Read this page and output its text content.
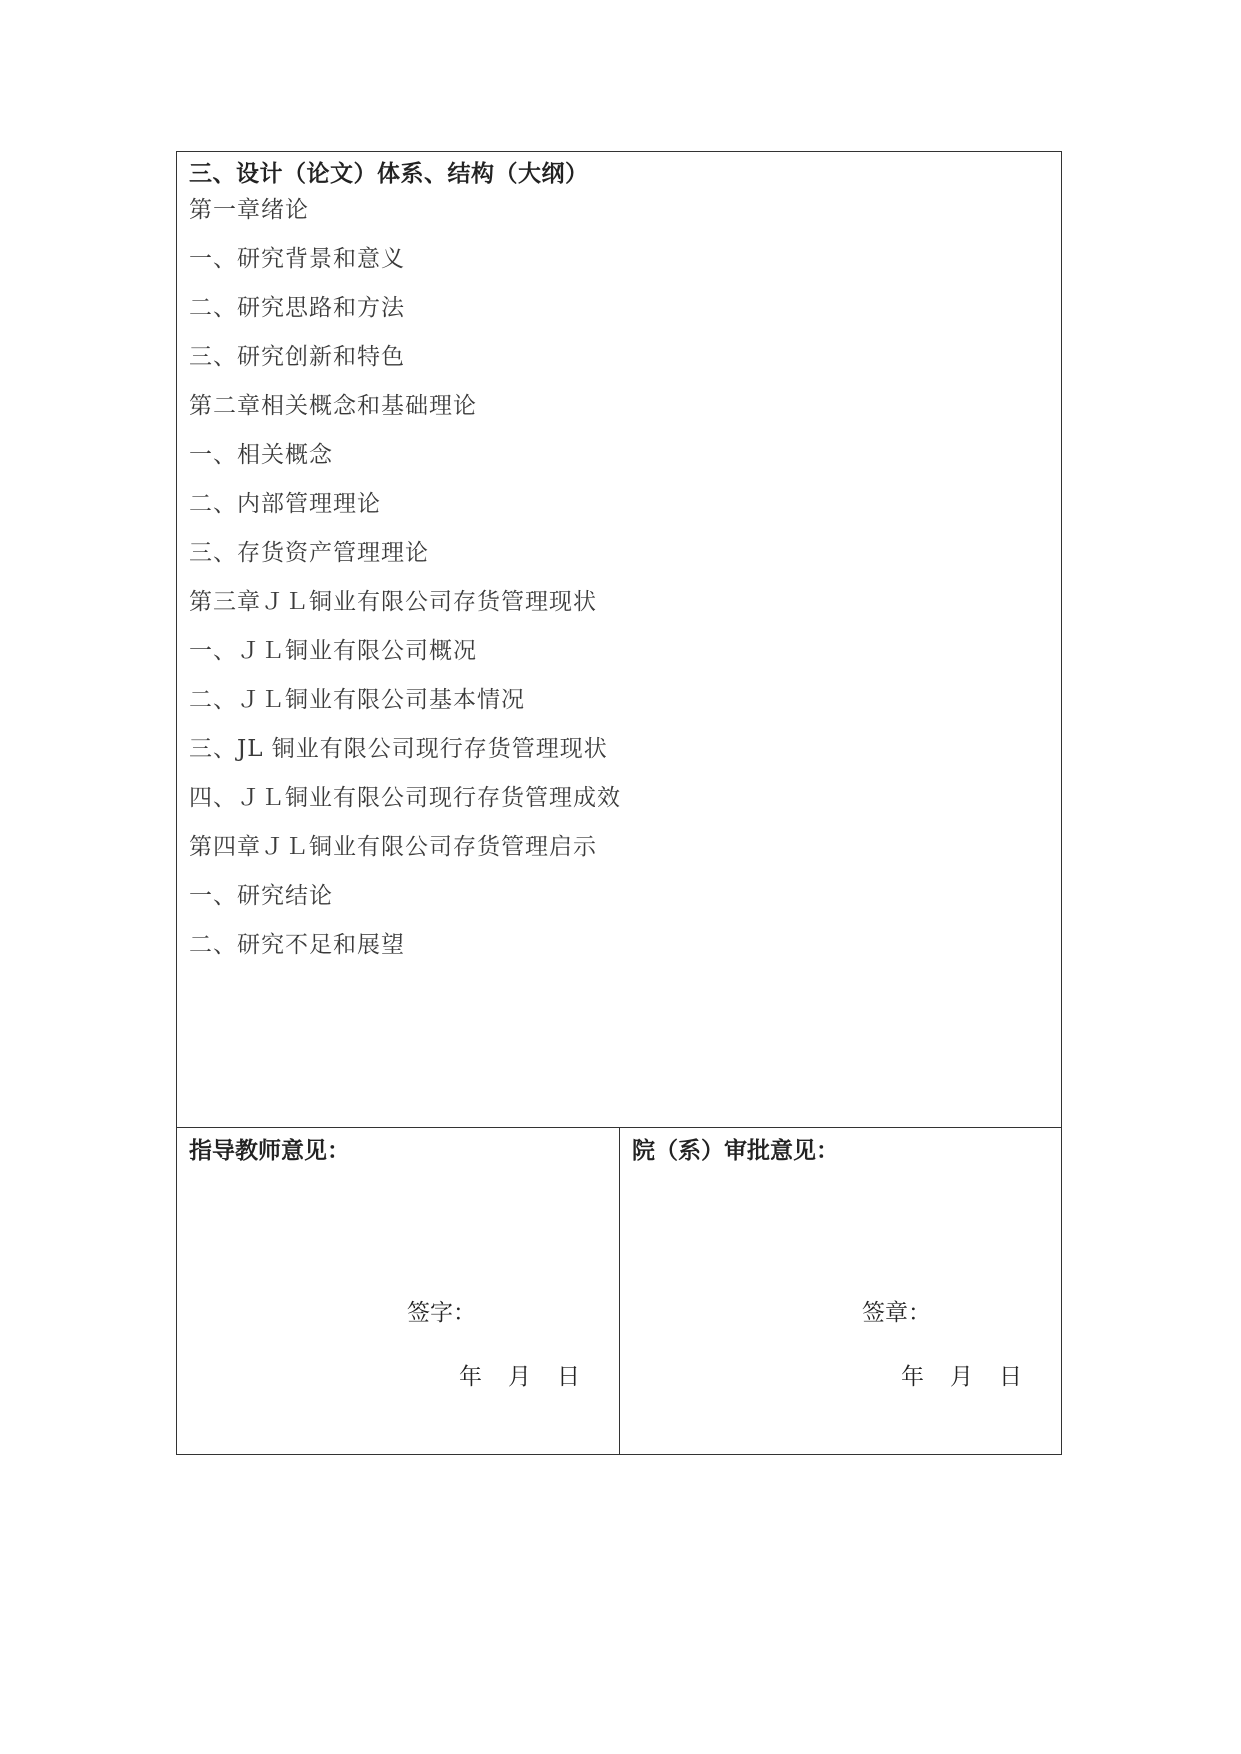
三、设计（论文）体系、结构（大纲）
第一章绪论
一、研究背景和意义
二、研究思路和方法
三、研究创新和特色
第二章相关概念和基础理论
一、相关概念
二、内部管理理论
三、存货资产管理理论
第三章ＪＬ铜业有限公司存货管理现状
一、ＪＬ铜业有限公司概况
二、ＪＬ铜业有限公司基本情况
三、JL 铜业有限公司现行存货管理现状
四、ＪＬ铜业有限公司现行存货管理成效
第四章ＪＬ铜业有限公司存货管理启示
一、研究结论
二、研究不足和展望
指导教师意见：
签字：
年 月 日
院（系）审批意见：
签章：
年 月 日
